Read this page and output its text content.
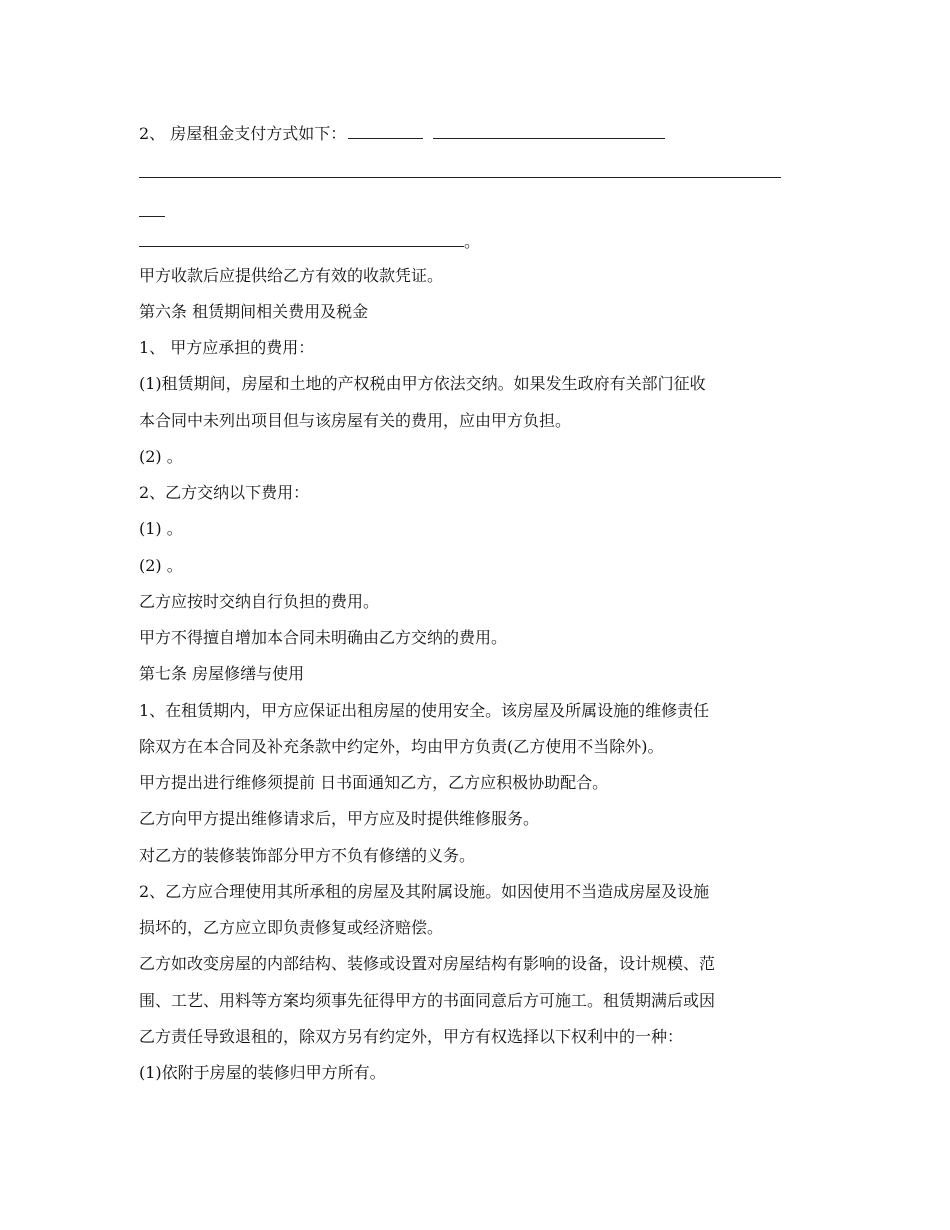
2、 房屋租金支付方式如下：
。
甲方收款后应提供给乙方有效的收款凭证。
第六条 租赁期间相关费用及税金
1、 甲方应承担的费用：
(1)租赁期间，房屋和土地的产权税由甲方依法交纳。如果发生政府有关部门征收
本合同中未列出项目但与该房屋有关的费用，应由甲方负担。
(2) 。
2、乙方交纳以下费用：
(1) 。
(2) 。
乙方应按时交纳自行负担的费用。
甲方不得擅自增加本合同未明确由乙方交纳的费用。
第七条 房屋修缮与使用
1、在租赁期内，甲方应保证出租房屋的使用安全。该房屋及所属设施的维修责任
除双方在本合同及补充条款中约定外，均由甲方负责(乙方使用不当除外)。
甲方提出进行维修须提前 日书面通知乙方，乙方应积极协助配合。
乙方向甲方提出维修请求后，甲方应及时提供维修服务。
对乙方的装修装饰部分甲方不负有修缮的义务。
2、乙方应合理使用其所承租的房屋及其附属设施。如因使用不当造成房屋及设施
损坏的，乙方应立即负责修复或经济赔偿。
乙方如改变房屋的内部结构、装修或设置对房屋结构有影响的设备，设计规模、范
围、工艺、用料等方案均须事先征得甲方的书面同意后方可施工。租赁期满后或因
乙方责任导致退租的，除双方另有约定外，甲方有权选择以下权利中的一种：
(1)依附于房屋的装修归甲方所有。
